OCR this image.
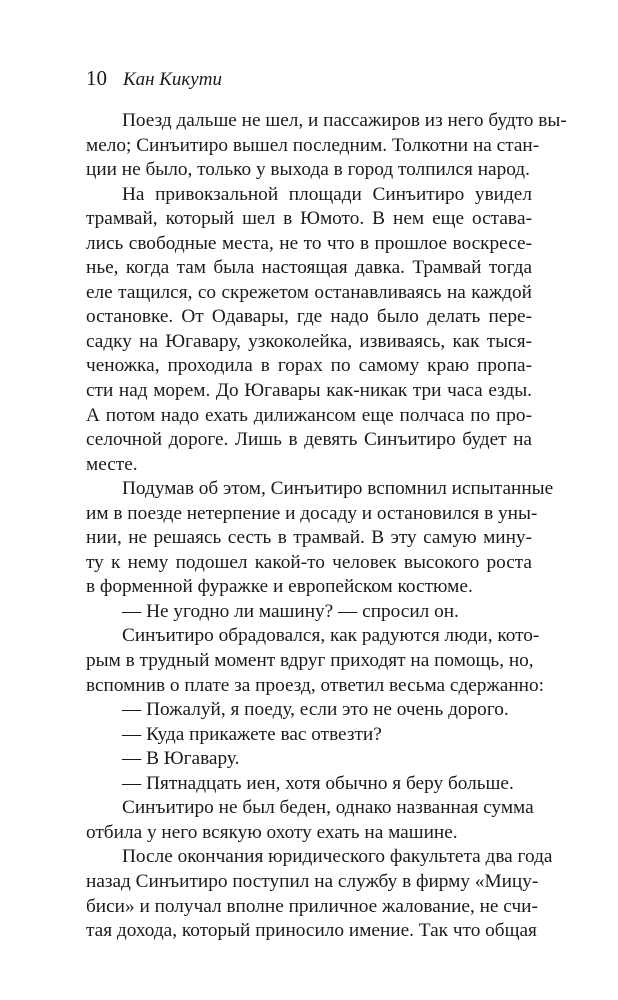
10 Кан Кикути
Поезд дальше не шел, и пассажиров из него будто вы-
мело; Синъитиро вышел последним. Толкотни на стан-
ции не было, только у выхода в город толпился народ.
На привокзальной площади Синъитиро увидел
трамвай, который шел в Юмото. В нем еще оставa-
лись свободные места, не то что в прошлое воскресе-
нье, когда там была настоящая давка. Трамвай тогда
еле тащился, со скрежетом останавливаясь на каждой
остановке. От Одавары, где надо было делать пере-
садку на Югавару, узкоколейка, извиваясь, как тыся-
ченожка, проходила в горах по самому краю пропа-
сти над морем. До Югавары как-никак три часа езды.
А потом надо ехать дилижансом еще полчаса по про-
селочной дороге. Лишь в девять Синъитиро будет на
месте.
Подумав об этом, Синъитиро вспомнил испытанные
им в поезде нетерпение и досаду и остановился в уны-
нии, не решаясь сесть в трамвай. В эту самую мину-
ту к нему подошел какой-то человек высокого роста
в форменной фуражке и европейском костюме.
— Не угодно ли машину? — спросил он.
Синъитиро обрадовался, как радуются люди, кото-
рым в трудный момент вдруг приходят на помощь, но,
вспомнив о плате за проезд, ответил весьма сдержанно:
— Пожалуй, я поеду, если это не очень дорого.
— Куда прикажете вас отвезти?
— В Югавару.
— Пятнадцать иен, хотя обычно я беру больше.
Синъитиро не был беден, однако названная сумма
отбила у него всякую охоту ехать на машине.
После окончания юридического факультета два года
назад Синъитиро поступил на службу в фирму «Мицу-
биси» и получал вполне приличное жалование, не счи-
тая дохода, который приносило имение. Так что общая
